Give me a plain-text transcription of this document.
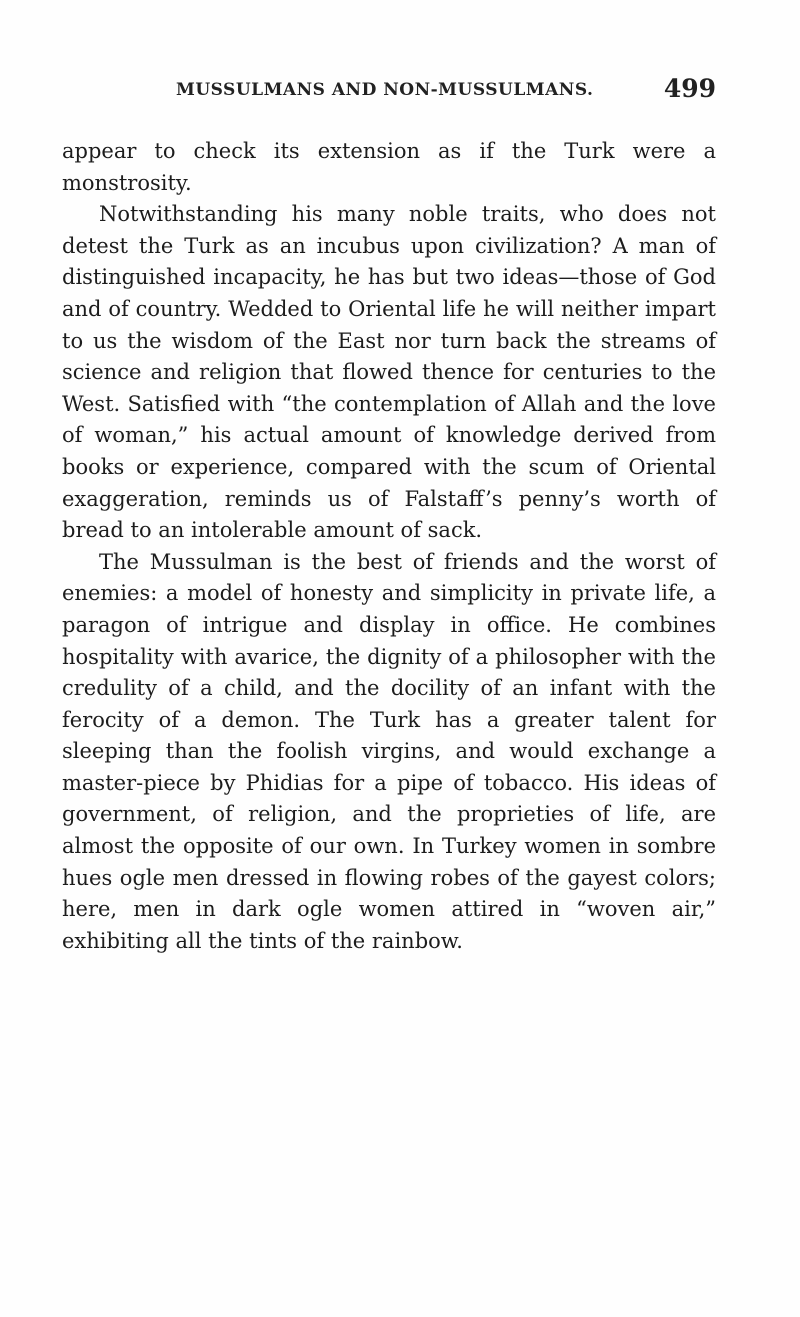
MUSSULMANS AND NON-MUSSULMANS.	499

appear to check its extension as if the Turk were a monstrosity.

Notwithstanding his many noble traits, who does not detest the Turk as an incubus upon civilization? A man of distinguished incapacity, he has but two ideas—those of God and of country. Wedded to Oriental life he will neither impart to us the wisdom of the East nor turn back the streams of science and religion that flowed thence for centuries to the West. Satisfied with “the contemplation of Allah and the love of woman,” his actual amount of knowledge derived from books or experience, compared with the scum of Oriental exaggeration, reminds us of Falstaff’s penny’s worth of bread to an intolerable amount of sack.

The Mussulman is the best of friends and the worst of enemies: a model of honesty and simplicity in private life, a paragon of intrigue and display in office. He combines hospitality with avarice, the dignity of a philosopher with the credulity of a child, and the docility of an infant with the ferocity of a demon. The Turk has a greater talent for sleeping than the foolish virgins, and would exchange a master-piece by Phidias for a pipe of tobacco. His ideas of government, of religion, and the proprieties of life, are almost the opposite of our own. In Turkey women in sombre hues ogle men dressed in flowing robes of the gayest colors; here, men in dark ogle women attired in “woven air,” exhibiting all the tints of the rainbow.
